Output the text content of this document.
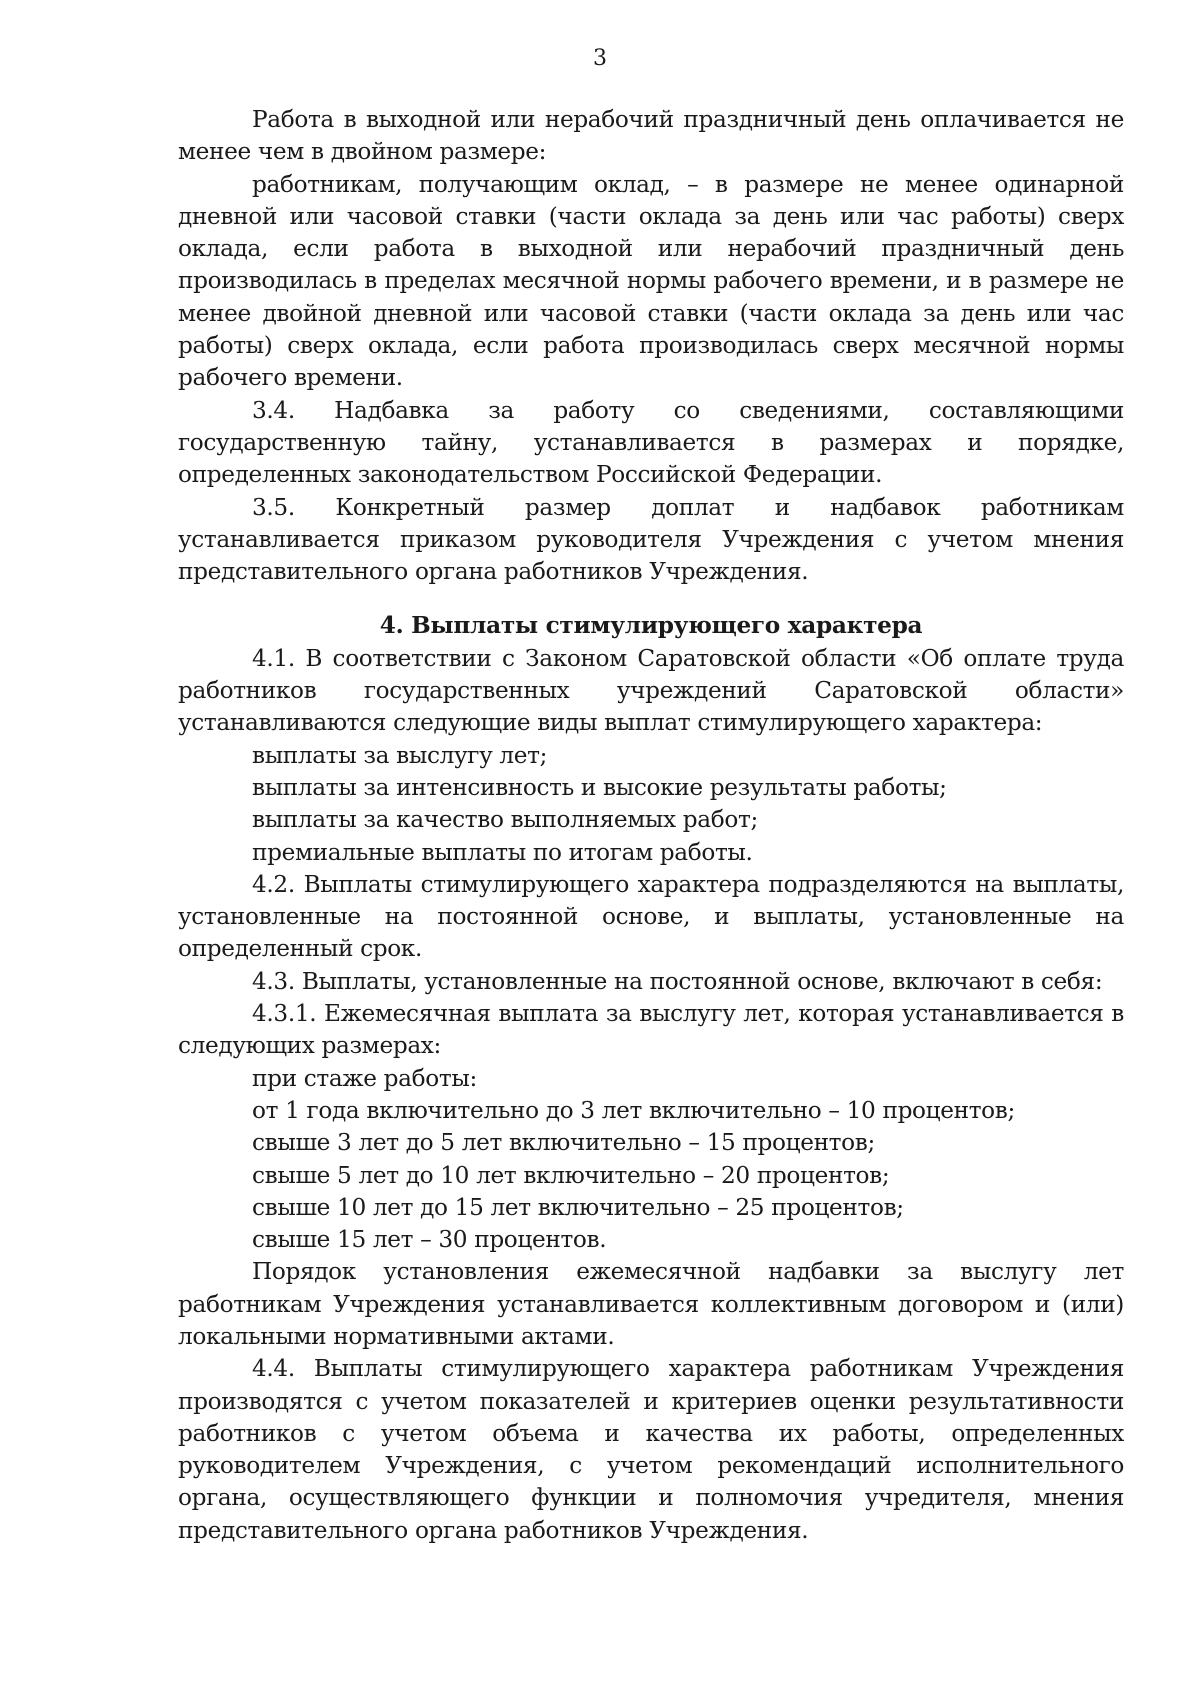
3

Работа в выходной или нерабочий праздничный день оплачивается не менее чем в двойном размере:

работникам, получающим оклад, – в размере не менее одинарной дневной или часовой ставки (части оклада за день или час работы) сверх оклада, если работа в выходной или нерабочий праздничный день производилась в пределах месячной нормы рабочего времени, и в размере не менее двойной дневной или часовой ставки (части оклада за день или час работы) сверх оклада, если работа производилась сверх месячной нормы рабочего времени.

3.4. Надбавка за работу со сведениями, составляющими государственную тайну, устанавливается в размерах и порядке, определенных законодательством Российской Федерации.

3.5. Конкретный размер доплат и надбавок работникам устанавливается приказом руководителя Учреждения с учетом мнения представительного органа работников Учреждения.

4. Выплаты стимулирующего характера

4.1. В соответствии с Законом Саратовской области «Об оплате труда работников государственных учреждений Саратовской области» устанавливаются следующие виды выплат стимулирующего характера:

выплаты за выслугу лет;

выплаты за интенсивность и высокие результаты работы;

выплаты за качество выполняемых работ;

премиальные выплаты по итогам работы.

4.2. Выплаты стимулирующего характера подразделяются на выплаты, установленные на постоянной основе, и выплаты, установленные на определенный срок.

4.3. Выплаты, установленные на постоянной основе, включают в себя:

4.3.1. Ежемесячная выплата за выслугу лет, которая устанавливается в следующих размерах:

при стаже работы:

от 1 года включительно до 3 лет включительно – 10 процентов;

свыше 3 лет до 5 лет включительно – 15 процентов;

свыше 5 лет до 10 лет включительно – 20 процентов;

свыше 10 лет до 15 лет включительно – 25 процентов;

свыше 15 лет – 30 процентов.

Порядок установления ежемесячной надбавки за выслугу лет работникам Учреждения устанавливается коллективным договором и (или) локальными нормативными актами.

4.4. Выплаты стимулирующего характера работникам Учреждения производятся с учетом показателей и критериев оценки результативности работников с учетом объема и качества их работы, определенных руководителем Учреждения, с учетом рекомендаций исполнительного органа, осуществляющего функции и полномочия учредителя, мнения представительного органа работников Учреждения.
